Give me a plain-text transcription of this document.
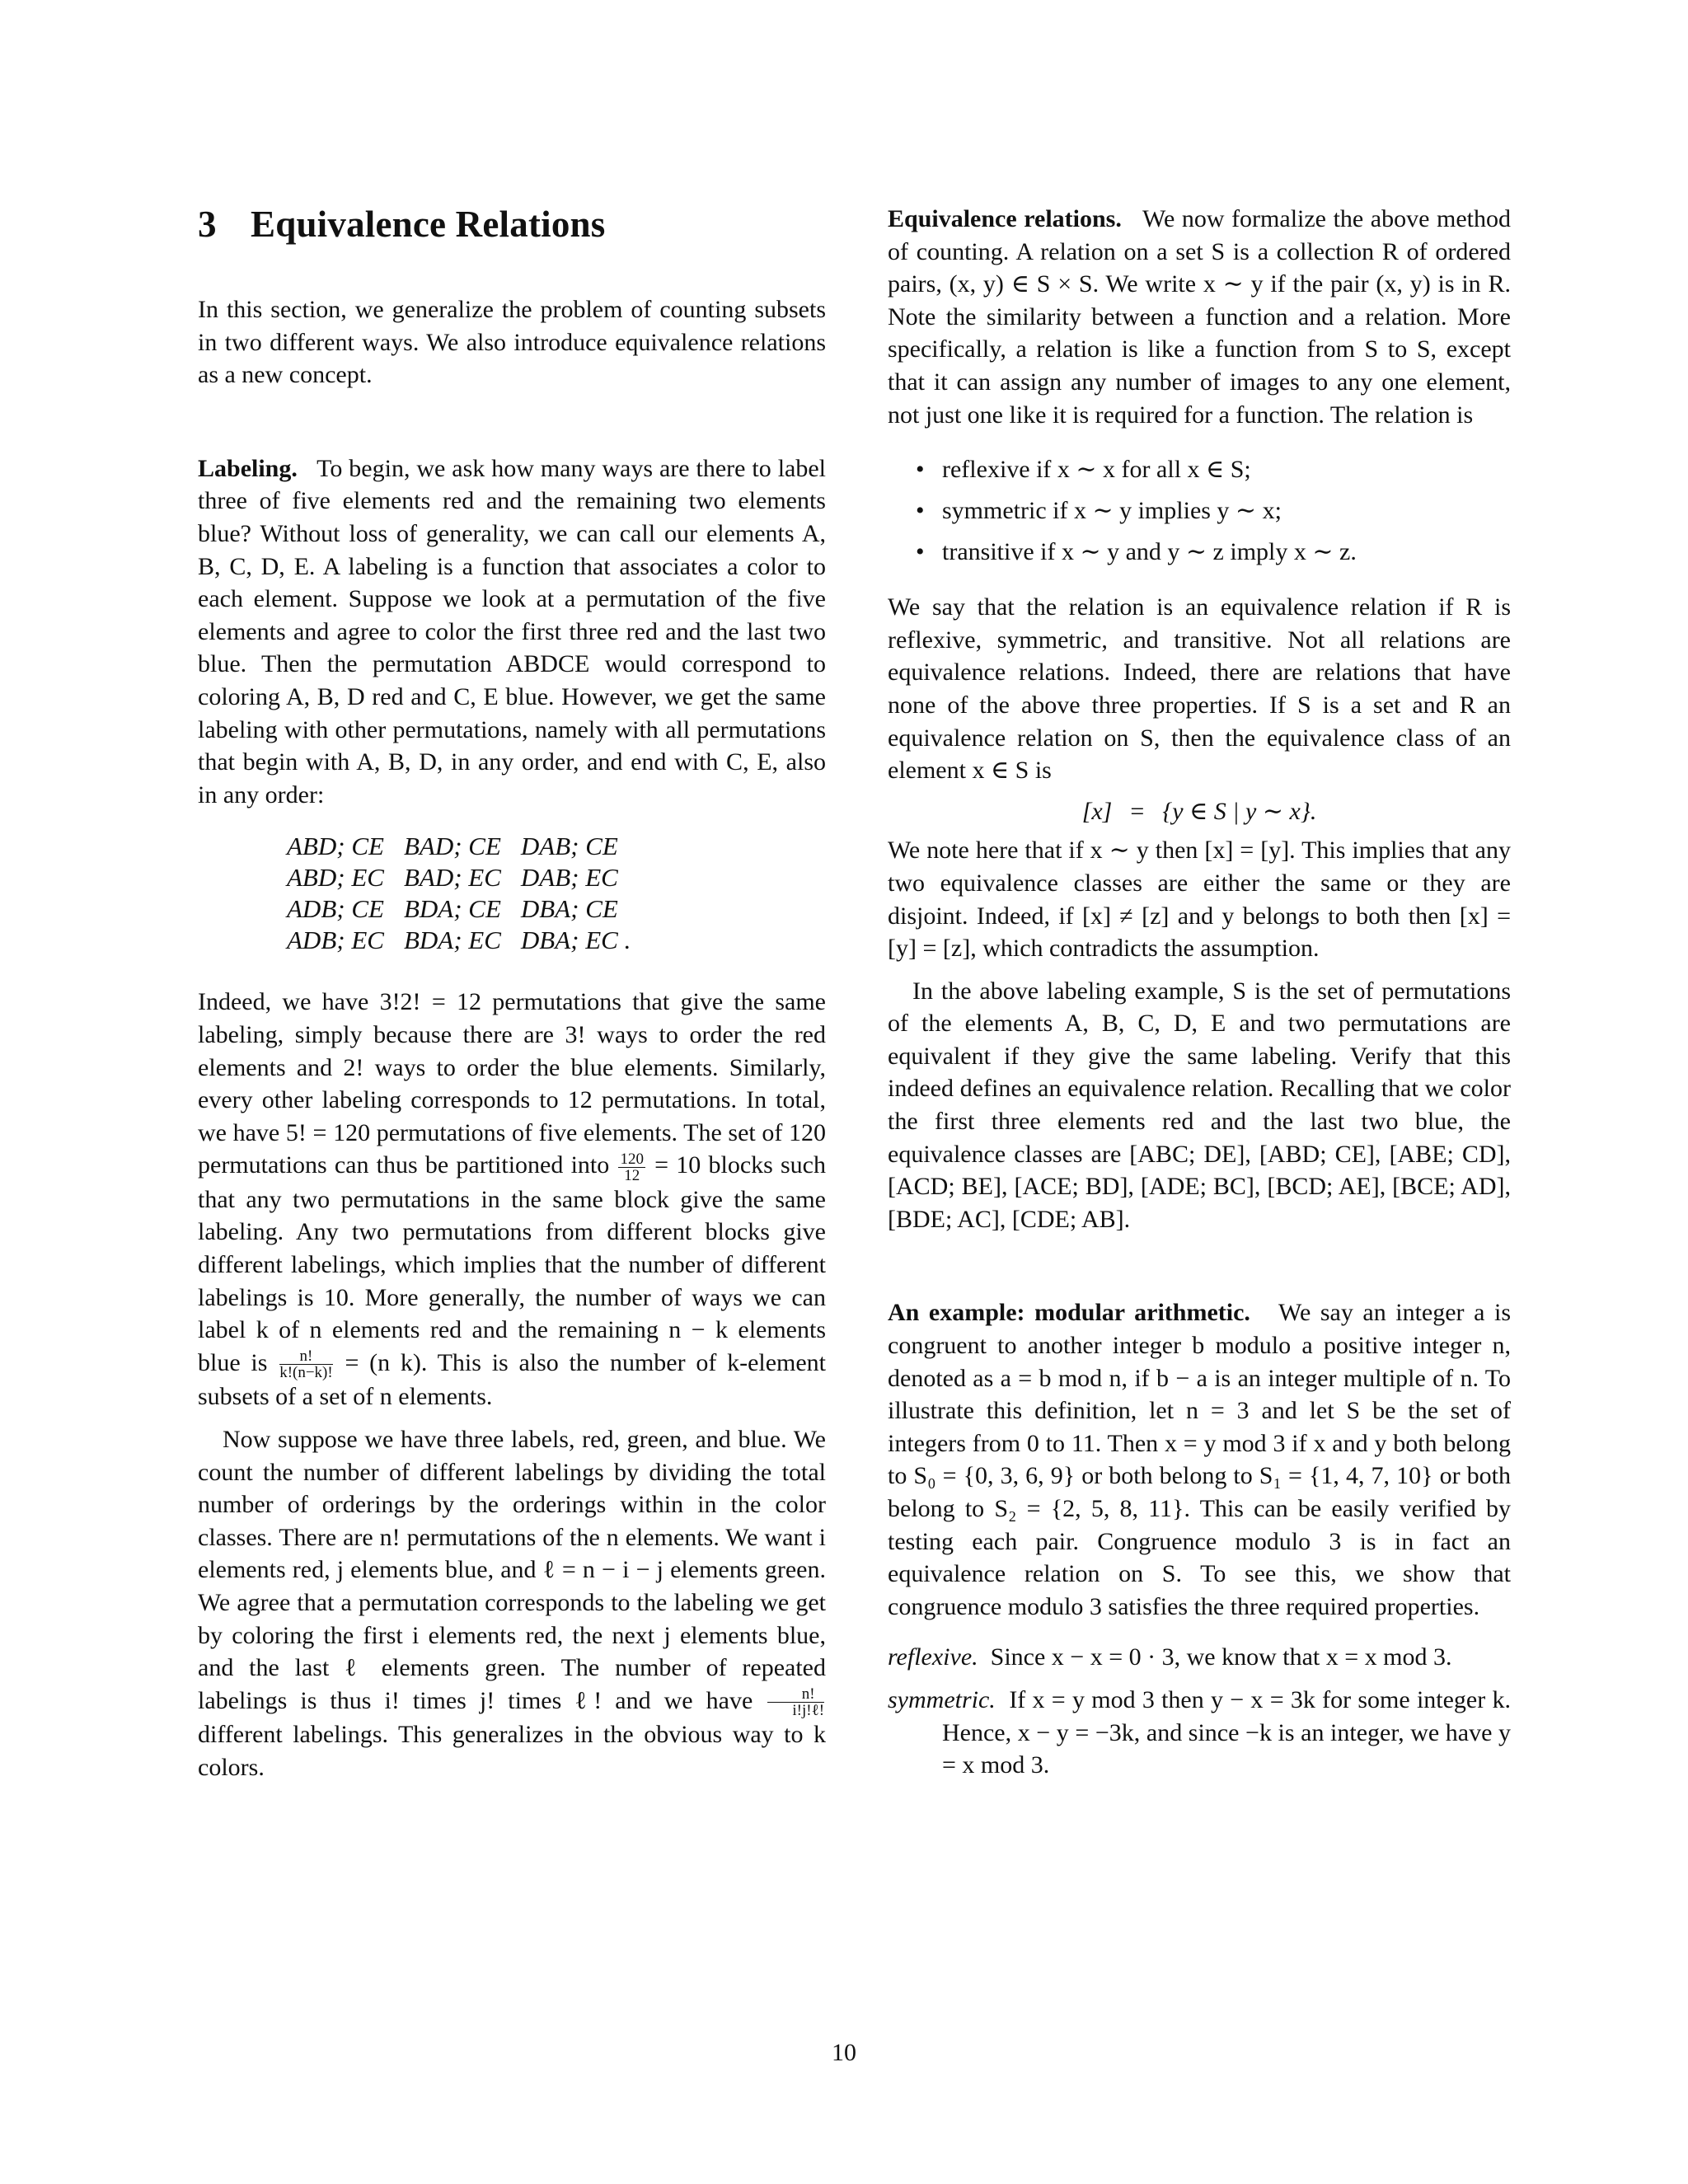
3 Equivalence Relations

In this section, we generalize the problem of counting subsets in two different ways. We also introduce equivalence relations as a new concept.

Labeling. To begin, we ask how many ways are there to label three of five elements red and the remaining two elements blue? Without loss of generality, we can call our elements A, B, C, D, E. A labeling is a function that associates a color to each element. Suppose we look at a permutation of the five elements and agree to color the first three red and the last two blue. Then the permutation ABDCE would correspond to coloring A, B, D red and C, E blue. However, we get the same labeling with other permutations, namely with all permutations that begin with A, B, D, in any order, and end with C, E, also in any order:

ABD; CE	BAD; CE	DAB; CE
ABD; EC	BAD; EC	DAB; EC
ADB; CE	BDA; CE	DBA; CE
ADB; EC	BDA; EC	DBA; EC .

Indeed, we have 3!2! = 12 permutations that give the same labeling, simply because there are 3! ways to order the red elements and 2! ways to order the blue elements. Similarly, every other labeling corresponds to 12 permutations. In total, we have 5! = 120 permutations of five elements. The set of 120 permutations can thus be partitioned into $\frac{120}{12} = 10$ blocks such that any two permutations in the same block give the same labeling. Any two permutations from different blocks give different labelings, which implies that the number of different labelings is 10. More generally, the number of ways we can label k of n elements red and the remaining n − k elements blue is $\frac{n!}{k!(n-k)!} = (n$ k). This is also the number of k-element subsets of a set of n elements.

Now suppose we have three labels, red, green, and blue. We count the number of different labelings by dividing the total number of orderings by the orderings within in the color classes. There are n! permutations of the n elements. We want i elements red, j elements blue, and ℓ = n − i − j elements green. We agree that a permutation corresponds to the labeling we get by coloring the first i elements red, the next j elements blue, and the last ℓ elements green. The number of repeated labelings is thus i! times j! times ℓ! and we have $\frac{n!}{\text{i!j!ℓ!}}$
different labelings. This generalizes in the obvious way to k colors.

Equivalence relations. We now formalize the above method of counting. A relation on a set S is a collection R of ordered pairs, (x, y) ∈ S × S. We write x ∼ y if the pair (x, y) is in R. Note the similarity between a function and a relation. More specifically, a relation is like a function from S to S, except that it can assign any number of images to any one element, not just one like it is required for a function. The relation is

• reflexive if x ∼ x for all x ∈ S;
• symmetric if x ∼ y implies y ∼ x;
• transitive if x ∼ y and y ∼ z imply x ∼ z.

We say that the relation is an equivalence relation if R is reflexive, symmetric, and transitive. Not all relations are equivalence relations. Indeed, there are relations that have none of the above three properties. If S is a set and R an equivalence relation on S, then the equivalence class of an element x ∈ S is

[x] = {y ∈ S | y ∼ x}.

We note here that if x ∼ y then [x] = [y]. This implies that any two equivalence classes are either the same or they are disjoint. Indeed, if [x] ≠ [z] and y belongs to both then [x] = [y] = [z], which contradicts the assumption.

In the above labeling example, S is the set of permutations of the elements A, B, C, D, E and two permutations are equivalent if they give the same labeling. Verify that this indeed defines an equivalence relation. Recalling that we color the first three elements red and the last two blue, the equivalence classes are [ABC; DE], [ABD; CE], [ABE; CD], [ACD; BE], [ACE; BD], [ADE; BC], [BCD; AE], [BCE; AD], [BDE; AC], [CDE; AB].

An example: modular arithmetic. We say an integer a is congruent to another integer b modulo a positive integer n, denoted as a = b mod n, if b − a is an integer multiple of n. To illustrate this definition, let n = 3 and let S be the set of integers from 0 to 11. Then x = y mod 3 if x and y both belong to S₀ = {0, 3, 6, 9} or both belong to S₁ = {1, 4, 7, 10} or both belong to S₂ = {2, 5, 8, 11}. This can be easily verified by testing each pair. Congruence modulo 3 is in fact an equivalence relation on S. To see this, we show that congruence modulo 3 satisfies the three required properties.

reflexive. Since x − x = 0 · 3, we know that x = x mod 3.

symmetric. If x = y mod 3 then y − x = 3k for some integer k. Hence, x − y = −3k, and since −k is an integer, we have y = x mod 3.

10
